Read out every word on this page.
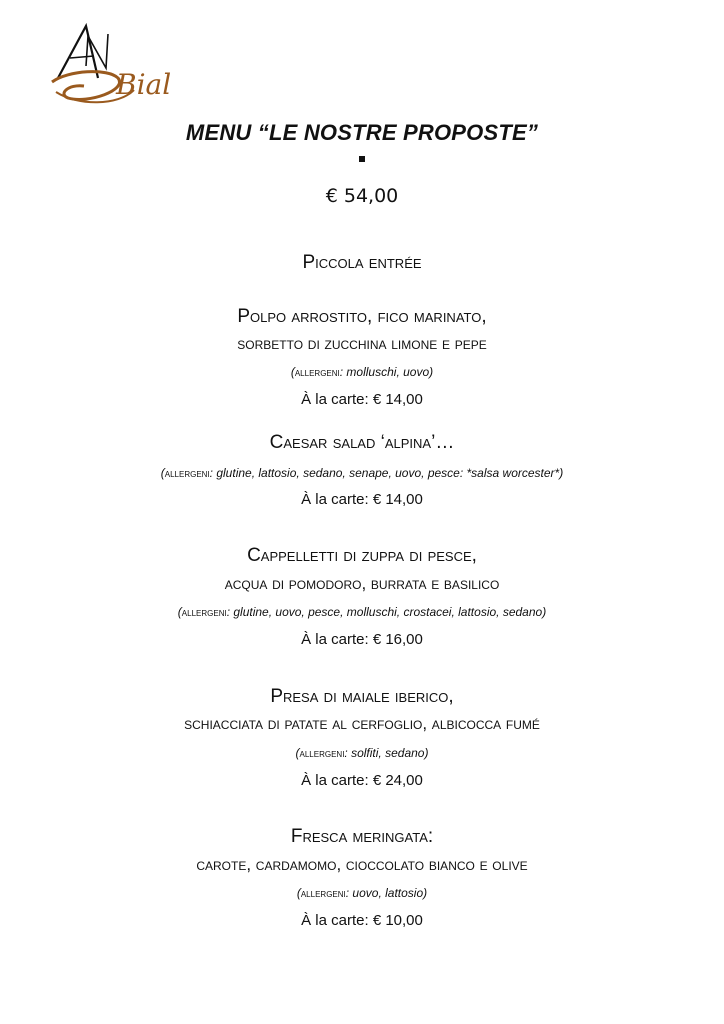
Bial
MENU “LE NOSTRE PROPOSTE”
€ 54,00
Piccola entrée
Polpo arrostito, fico marinato,
sorbetto di zucchina limone e pepe
(allergeni: molluschi, uovo)
À la carte: € 14,00
Caesar salad ‘alpina’…
(allergeni: glutine, lattosio, sedano, senape, uovo, pesce: *salsa worcester*)
À la carte: € 14,00
Cappelletti di zuppa di pesce,
acqua di pomodoro, burrata e basilico
(allergeni: glutine, uovo, pesce, molluschi, crostacei, lattosio, sedano)
À la carte: € 16,00
Presa di maiale iberico,
schiacciata di patate al cerfoglio, albicocca fumé
(allergeni: solfiti, sedano)
À la carte: € 24,00
Fresca meringata:
carote, cardamomo, cioccolato bianco e olive
(allergeni: uovo, lattosio)
À la carte: € 10,00
